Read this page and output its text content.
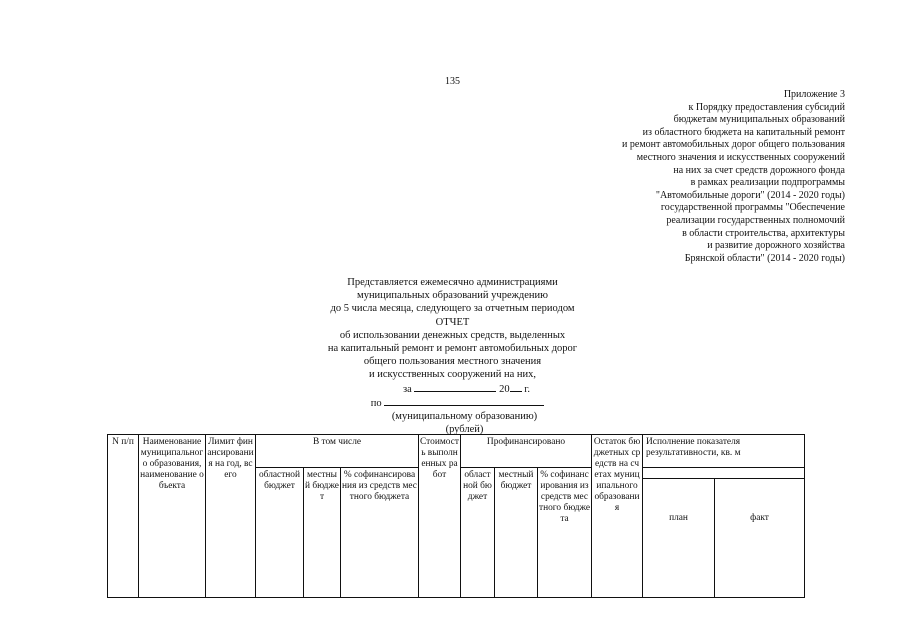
135
Приложение 3
к Порядку предоставления субсидий
бюджетам муниципальных образований
из областного бюджета на капитальный ремонт
и ремонт автомобильных дорог общего пользования
местного значения и искусственных сооружений
на них за счет средств дорожного фонда
в рамках реализации подпрограммы
"Автомобильные дороги" (2014 - 2020 годы)
государственной программы "Обеспечение
реализации государственных полномочий
в области строительства, архитектуры
и развитие дорожного хозяйства
Брянской области" (2014 - 2020 годы)
Представляется ежемесячно администрациями
муниципальных образований учреждению
до 5 числа месяца, следующего за отчетным периодом
ОТЧЕТ
об использовании денежных средств, выделенных
на капитальный ремонт и ремонт автомобильных дорог
общего пользования местного значения
и искусственных сооружений на них,
за	20 г.
по
(муниципальному образованию)
(рублей)
N п/п	Наименование муниципального образования, наименование объекта	Лимит финансирования на год, всего	В том числе			Стоимость выполненных работ	Профинансировано			Остаток бюджетных средств на счетах муниципального образования	Исполнение показателя результативности, кв. м	
			областной бюджет	местный бюджет	% софинансирования из средств местного бюджета		областной бюджет	местный бюджет	% софинансирования из средств местного бюджета			
											план	факт
